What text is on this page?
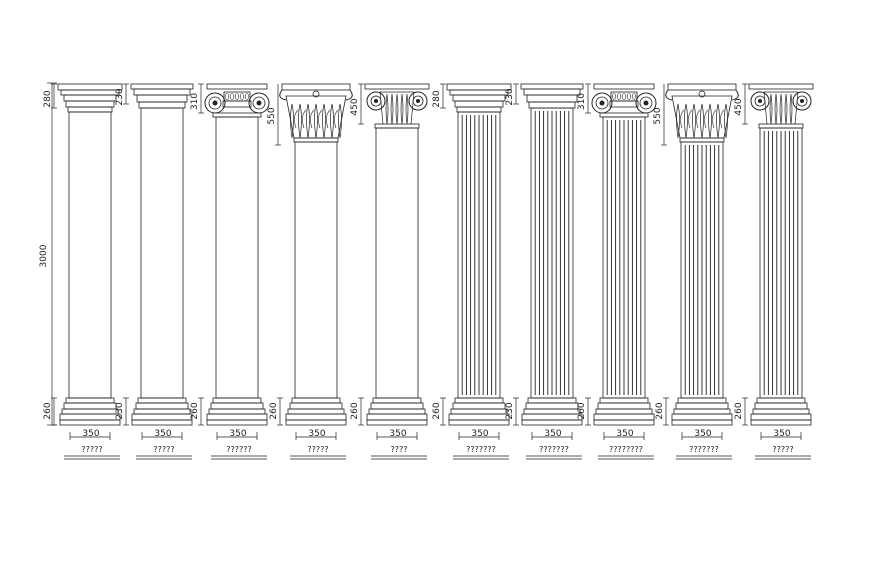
3000
280
260
350
?????
230
230
350
?????
310
260
350
??????
550
260
350
?????
450
260
350
????
280
260
350
???????
230
230
350
???????
310
260
350
????????
550
260
350
???????
450
260
350
?????
